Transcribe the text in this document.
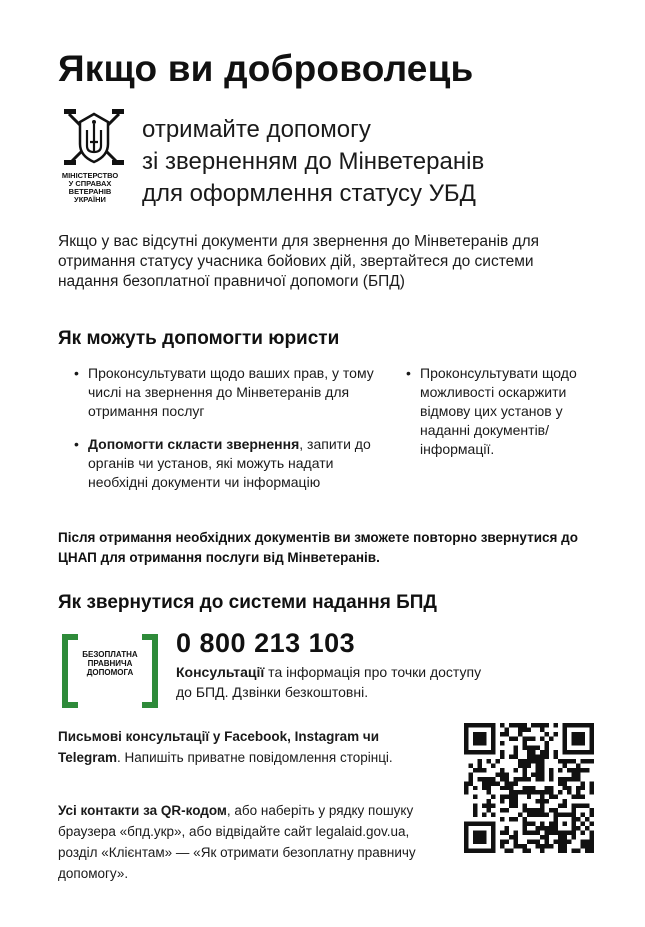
Якщо ви доброволець
МІНІСТЕРСТВО
У СПРАВАХ
ВЕТЕРАНІВ
УКРАЇНИ

отримайте допомогу
зі зверненням до Мінветеранів
для оформлення статусу УБД

Якщо у вас відсутні документи для звернення до Мінветеранів для отримання статусу учасника бойових дій, звертайтеся до системи надання безоплатної правничої допомоги (БПД)

Як можуть допомогти юристи
• Проконсультувати щодо ваших прав, у тому числі на звернення до Мінветеранів для отримання послуг
• Допомогти скласти звернення, запити до органів чи установ, які можуть надати необхідні документи чи інформацію
• Проконсультувати щодо можливості оскаржити відмову цих установ у наданні документів/інформації.

Після отримання необхідних документів ви зможете повторно звернутися до ЦНАП для отримання послуги від Мінветеранів.

Як звернутися до системи надання БПД
БЕЗОПЛАТНА
ПРАВНИЧА
ДОПОМОГА

0 800 213 103

Консультації та інформація про точки доступу до БПД. Дзвінки безкоштовні.

Письмові консультації у Facebook, Instagram чи Telegram. Напишіть приватне повідомлення сторінці.

Усі контакти за QR-кодом, або наберіть у рядку пошуку браузера «бпд.укр», або відвідайте сайт legalaid.gov.ua, розділ «Клієнтам» — «Як отримати безоплатну правничу допомогу».
